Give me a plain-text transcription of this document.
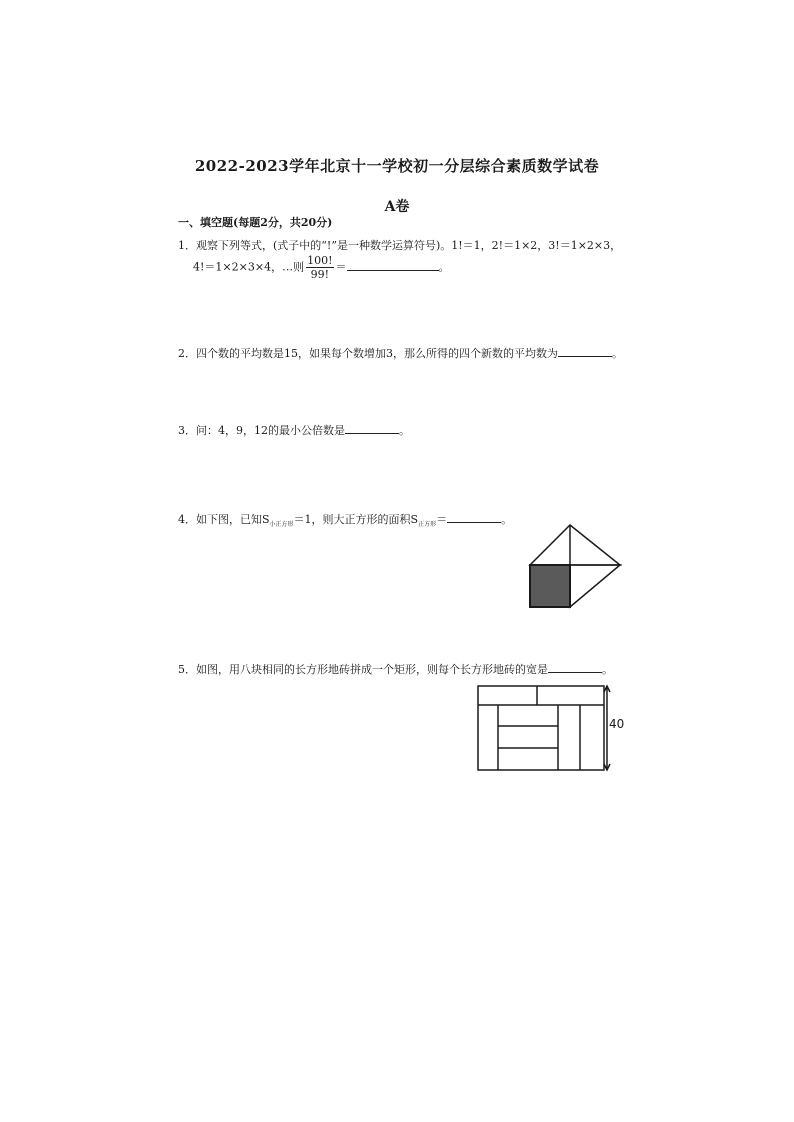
2022-2023学年北京十一学校初一分层综合素质数学试卷
A卷
一、填空题(每题2分，共20分)
1．观察下列等式，(式子中的“!”是一种数学运算符号)。1!＝1，2!＝1×2，3!＝1×2×3，
4!＝1×2×3×4，…则 $\frac{100!}{99!}$ ＝	。
2．四个数的平均数是15，如果每个数增加3，那么所得的四个新数的平均数为	。
3．问：4，9，12的最小公倍数是	。
4．如下图，已知$S_{小正方形}=1$，则大正方形的面积$S_{正方形}=$	。
5．如图，用八块相同的长方形地砖拼成一个矩形，则每个长方形地砖的宽是	。
40
